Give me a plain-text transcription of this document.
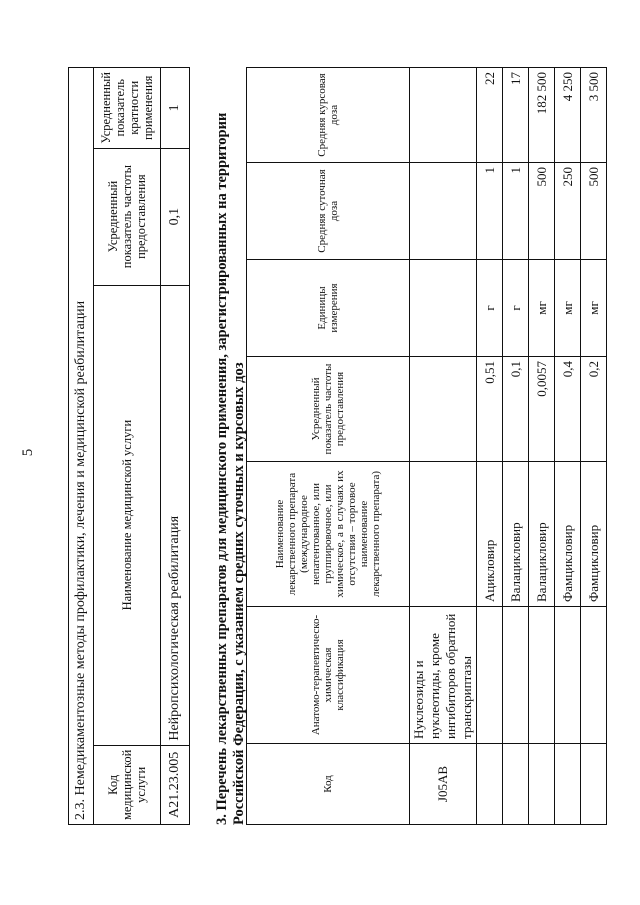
5	2.3. Немедикаментозные методы профилактики, лечения и медицинской реабилитации			
Код медицинской услуги	Наименование медицинской услуги	Усредненный показатель частоты предоставления	Усредненный показатель кратности применения
A21.23.005	Нейропсихологическая реабилитация	0,1	1
3. Перечень лекарственных препаратов для медицинского применения, зарегистрированных на территории Российской Федерации, с указанием средних суточных и курсовых доз	Код	Анатомо-терапевтическо-химическая классификация	Наименование лекарственного препарата (международное непатентованное, или группировочное, или химическое, а в случаях их отсутствия – торговое наименование лекарственного препарата)	Усредненный показатель частоты предоставления	Единицы измерения	Средняя суточная доза	Средняя курсовая доза
J05AB	Нуклеозиды и нуклеотиды, кроме ингибиторов обратной транскриптазы					
		Ацикловир	0,51	г	1	22
		Валацикловир	0,1	г	1	17
		Валацикловир	0,0057	мг	500	182 500
		Фамцикловир	0,4	мг	250	4 250
		Фамцикловир	0,2	мг	500	3 500
